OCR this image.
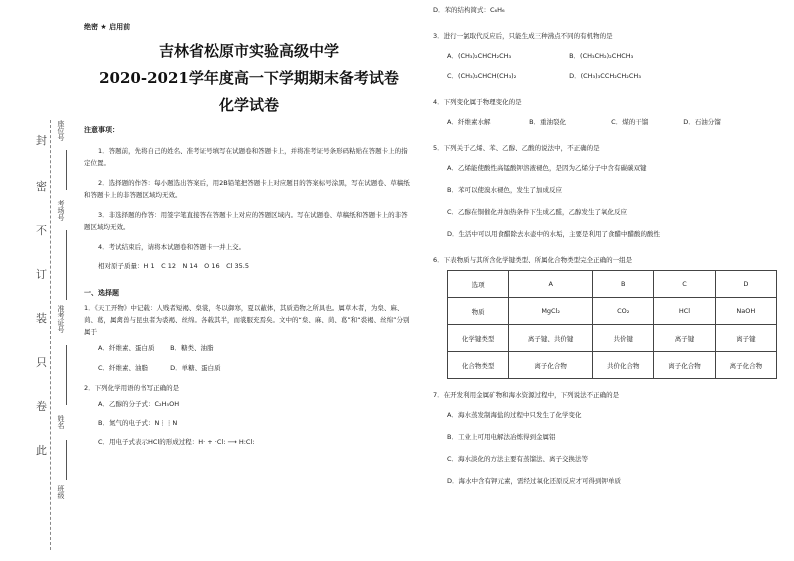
封
密
不
订
装
只
卷
此
座位号
考场号
准考证号
姓名
班级
绝密 ★ 启用前
吉林省松原市实验高级中学
2020-2021学年度高一下学期期末备考试卷
化学试卷
注意事项：
1．答题前，先将自己的姓名、准考证号填写在试题卷和答题卡上，并将准考证号条形码粘贴在答题卡上的指定位置。
2．选择题的作答：每小题选出答案后，用2B铅笔把答题卡上对应题目的答案标号涂黑，写在试题卷、草稿纸和答题卡上的非答题区域均无效。
3．非选择题的作答：用签字笔直接答在答题卡上对应的答题区域内。写在试题卷、草稿纸和答题卡上的非答题区域均无效。
4．考试结束后，请将本试题卷和答题卡一并上交。
相对原子质量：H 1　C 12　N 14　O 16　Cl 35.5
一、选择题
1．《天工开物》中记载：人贱者短褐、枲裳，冬以御寒，夏以蔽体，其质造物之所具也。属草木者，为枲、麻、苘、葛，属禽兽与昆虫者为裘褐、丝绵。各载其半，而裳服充焉矣。文中的“枲、麻、苘、葛”和“裘褐、丝绵”分别属于
A．纤维素、蛋白质 B．糖类、油脂
C．纤维素、油脂	D．单糖、蛋白质
2．下列化学用语的书写正确的是
A．乙醇的分子式：C₂H₅OH
B．氮气的电子式：N⋮⋮N
C．用电子式表示HCl的形成过程：H· + ·Cl: ⟶ H:Cl:
D．苯的结构简式：C₆H₆
3．进行一氯取代反应后，只能生成三种沸点不同的有机物的是
A．(CH₃)₂CHCH₂CH₃	B．(CH₃CH₂)₂CHCH₃
C．(CH₃)₂CHCH(CH₃)₂	D．(CH₃)₃CCH₂CH₂CH₃
4．下列变化属于物理变化的是
A．纤维素水解	B．重油裂化	C．煤的干馏	D．石油分馏
5．下列关于乙烯、苯、乙醇、乙酸的说法中，不正确的是
A．乙烯能使酸性高锰酸钾溶液褪色，是因为乙烯分子中含有碳碳双键
B．苯可以使溴水褪色，发生了加成反应
C．乙醇在铜催化并加热条件下生成乙醛，乙醇发生了氧化反应
D．生活中可以用食醋除去水壶中的水垢，主要是利用了食醋中醋酸的酸性
6．下表物质与其所含化学键类型、所属化合物类型完全正确的一组是
选项	A	B	C	D
物质	MgCl₂	CO₂	HCl	NaOH
化学键类型	离子键、共价键	共价键	离子键	离子键
化合物类型	离子化合物	共价化合物	离子化合物	离子化合物
7．在开发利用金属矿物和海水资源过程中，下列说法不正确的是
A．海水蒸发制海盐的过程中只发生了化学变化
B．工业上可用电解法冶炼得到金属铝
C．海水淡化的方法主要有蒸馏法、离子交换法等
D．海水中含有钾元素，需经过氧化还原反应才可得到钾单质
